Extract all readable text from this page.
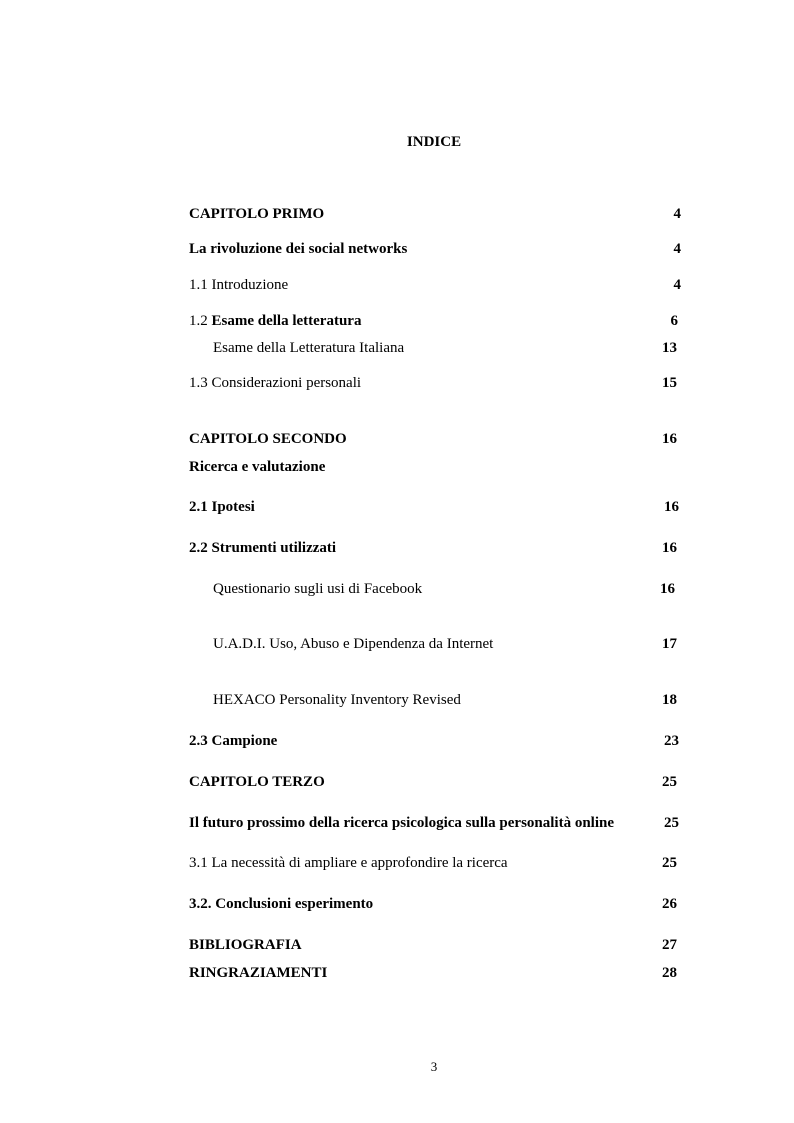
INDICE
CAPITOLO PRIMO	4
La rivoluzione dei social networks	4
1.1 Introduzione	4
1.2 Esame della letteratura	6
Esame della Letteratura Italiana	13
1.3 Considerazioni personali	15
CAPITOLO SECONDO	16
Ricerca e valutazione
2.1 Ipotesi	16
2.2 Strumenti utilizzati	16
Questionario sugli usi di Facebook	16
U.A.D.I. Uso, Abuso e Dipendenza da Internet	17
HEXACO Personality Inventory Revised	18
2.3 Campione	23
CAPITOLO TERZO	25
Il futuro prossimo della ricerca psicologica sulla personalità online	25
3.1 La necessità di ampliare e approfondire la ricerca	25
3.2. Conclusioni esperimento	26
BIBLIOGRAFIA	27
RINGRAZIAMENTI	28
3
